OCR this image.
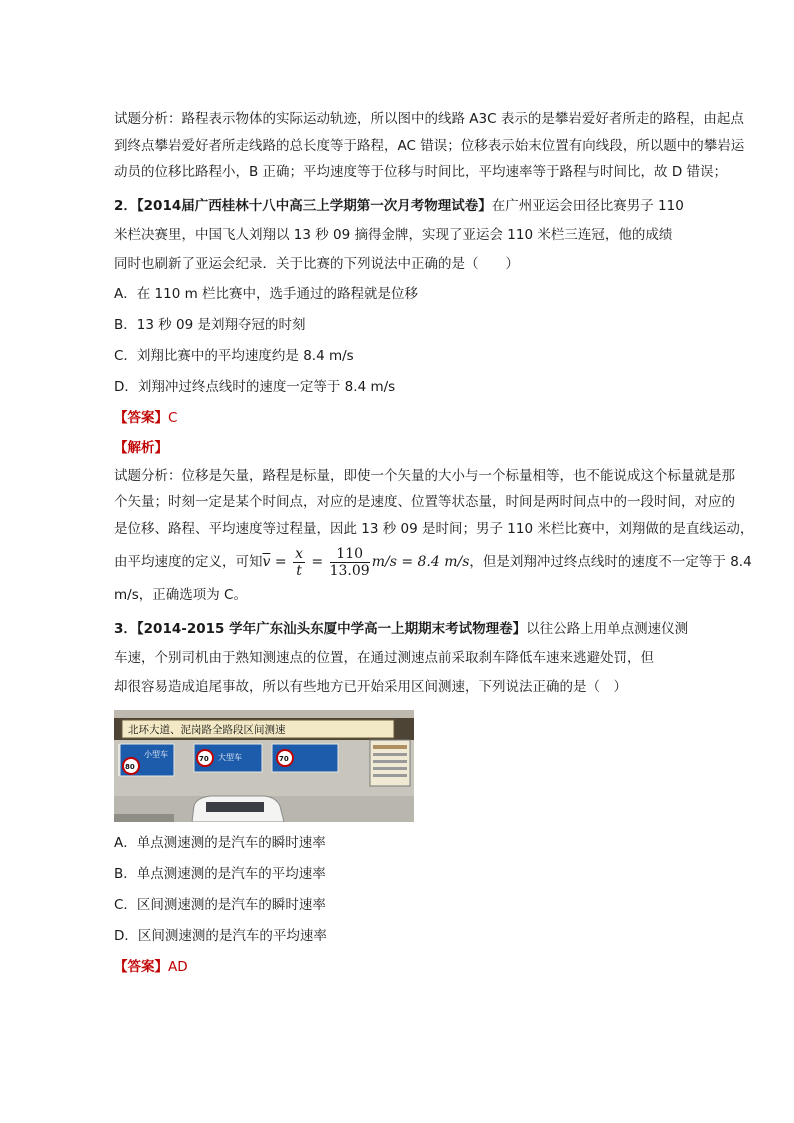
试题分析：路程表示物体的实际运动轨迹，所以图中的线路 A3C 表示的是攀岩爱好者所走的路程，由起点

到终点攀岩爱好者所走线路的总长度等于路程，AC 错误；位移表示始末位置有向线段，所以题中的攀岩运

动员的位移比路程小，B 正确；平均速度等于位移与时间比，平均速率等于路程与时间比，故 D 错误；

2．【2014届广西桂林十八中高三上学期第一次月考物理试卷】在广州亚运会田径比赛男子 110

米栏决赛里，中国飞人刘翔以 13 秒 09 摘得金牌，实现了亚运会 110 米栏三连冠，他的成绩

同时也刷新了亚运会纪录．关于比赛的下列说法中正确的是（　　）

A．在 110 m 栏比赛中，选手通过的路程就是位移

B．13 秒 09 是刘翔夺冠的时刻

C．刘翔比赛中的平均速度约是 8.4 m/s

D．刘翔冲过终点线时的速度一定等于 8.4 m/s

【答案】C

【解析】

试题分析：位移是矢量，路程是标量，即使一个矢量的大小与一个标量相等，也不能说成这个标量就是那

个矢量；时刻一定是某个时间点，对应的是速度、位置等状态量，时间是两时间点中的一段时间，对应的

是位移、路程、平均速度等过程量，因此 13 秒 09 是时间；男子 110 米栏比赛中，刘翔做的是直线运动，

由平均速度的定义，可知$\overline{v} = \frac{x}{t} = \frac{110}{13.09} m/s = 8.4$ m/s，但是刘翔冲过终点线时的速度不一定等于 8.4

m/s，正确选项为 C。

3．【2014-2015 学年广东汕头东厦中学高一上期期末考试物理卷】以往公路上用单点测速仪测

车速，个别司机由于熟知测速点的位置，在通过测速点前采取刹车降低车速来逃避处罚，但

却很容易造成追尾事故，所以有些地方已开始采用区间测速，下列说法正确的是（　）

北环大道、泥岗路全路段区间测速
80
小型车	70 大型车	70

A．单点测速测的是汽车的瞬时速率

B．单点测速测的是汽车的平均速率

C．区间测速测的是汽车的瞬时速率

D．区间测速测的是汽车的平均速率

【答案】AD
